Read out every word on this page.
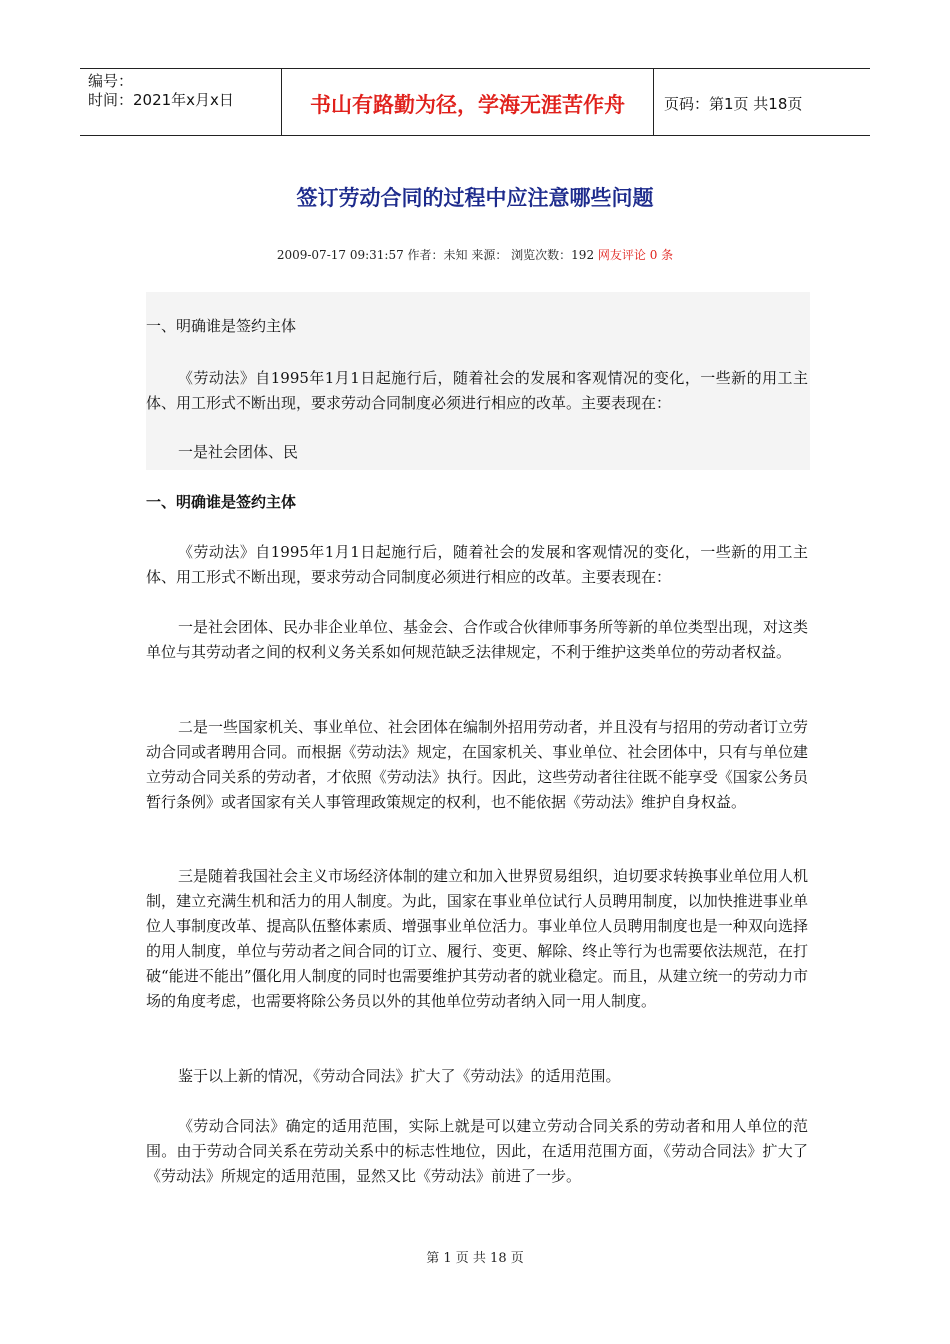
编号：
时间：2021年x月x日	书山有路勤为径，学海无涯苦作舟	页码：第1页 共18页
签订劳动合同的过程中应注意哪些问题
2009-07-17 09:31:57 作者：未知 来源： 浏览次数：192 网友评论 0 条

一、明确谁是签约主体

《劳动法》自1995年1月1日起施行后，随着社会的发展和客观情况的变化，一些新的用工主体、用工形式不断出现，要求劳动合同制度必须进行相应的改革。主要表现在：

一是社会团体、民

一、明确谁是签约主体

《劳动法》自1995年1月1日起施行后，随着社会的发展和客观情况的变化，一些新的用工主体、用工形式不断出现，要求劳动合同制度必须进行相应的改革。主要表现在：

一是社会团体、民办非企业单位、基金会、合作或合伙律师事务所等新的单位类型出现，对这类单位与其劳动者之间的权利义务关系如何规范缺乏法律规定，不利于维护这类单位的劳动者权益。

二是一些国家机关、事业单位、社会团体在编制外招用劳动者，并且没有与招用的劳动者订立劳动合同或者聘用合同。而根据《劳动法》规定，在国家机关、事业单位、社会团体中，只有与单位建立劳动合同关系的劳动者，才依照《劳动法》执行。因此，这些劳动者往往既不能享受《国家公务员暂行条例》或者国家有关人事管理政策规定的权利，也不能依据《劳动法》维护自身权益。

三是随着我国社会主义市场经济体制的建立和加入世界贸易组织，迫切要求转换事业单位用人机制，建立充满生机和活力的用人制度。为此，国家在事业单位试行人员聘用制度，以加快推进事业单位人事制度改革、提高队伍整体素质、增强事业单位活力。事业单位人员聘用制度也是一种双向选择的用人制度，单位与劳动者之间合同的订立、履行、变更、解除、终止等行为也需要依法规范，在打破“能进不能出”僵化用人制度的同时也需要维护其劳动者的就业稳定。而且，从建立统一的劳动力市场的角度考虑，也需要将除公务员以外的其他单位劳动者纳入同一用人制度。

鉴于以上新的情况，《劳动合同法》扩大了《劳动法》的适用范围。

《劳动合同法》确定的适用范围，实际上就是可以建立劳动合同关系的劳动者和用人单位的范围。由于劳动合同关系在劳动关系中的标志性地位，因此，在适用范围方面，《劳动合同法》扩大了《劳动法》所规定的适用范围，显然又比《劳动法》前进了一步。

第 1 页 共 18 页
